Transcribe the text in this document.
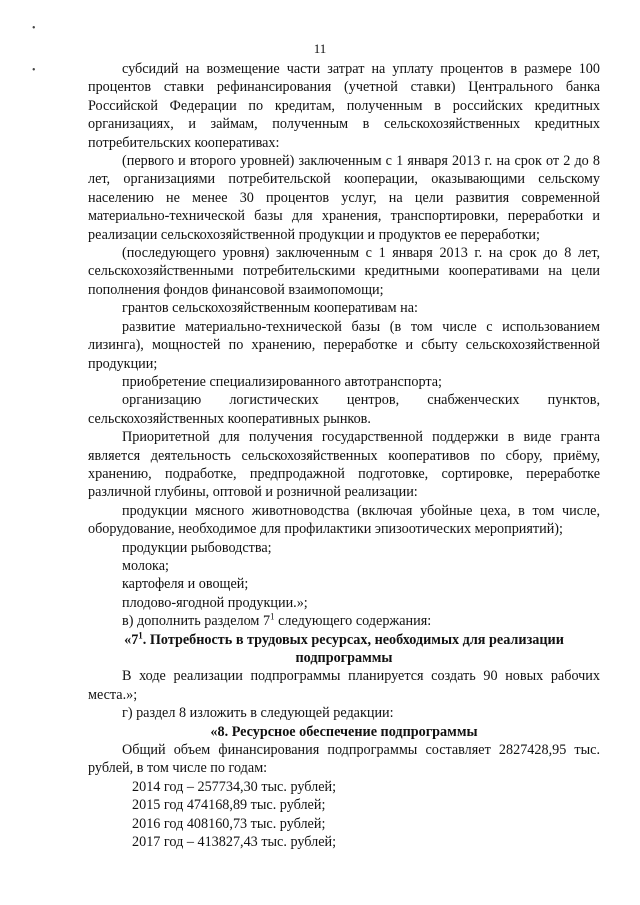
•
•
11

субсидий на возмещение части затрат на уплату процентов в размере 100 процентов ставки рефинансирования (учетной ставки) Центрального банка Российской Федерации по кредитам, полученным в российских кредитных организациях, и займам, полученным в сельскохозяйственных кредитных потребительских кооперативах:

(первого и второго уровней) заключенным с 1 января 2013 г. на срок от 2 до 8 лет, организациями потребительской кооперации, оказывающими сельскому населению не менее 30 процентов услуг, на цели развития современной материально-технической базы для хранения, транспортировки, переработки и реализации сельскохозяйственной продукции и продуктов ее переработки;

(последующего уровня) заключенным с 1 января 2013 г. на срок до 8 лет, сельскохозяйственными потребительскими кредитными кооперативами на цели пополнения фондов финансовой взаимопомощи;

грантов сельскохозяйственным кооперативам на:

развитие материально-технической базы (в том числе с использованием лизинга), мощностей по хранению, переработке и сбыту сельскохозяйственной продукции;

приобретение специализированного автотранспорта;

организацию логистических центров, снабженческих пунктов, сельскохозяйственных кооперативных рынков.

Приоритетной для получения государственной поддержки в виде гранта является деятельность сельскохозяйственных кооперативов по сбору, приёму, хранению, подработке, предпродажной подготовке, сортировке, переработке различной глубины, оптовой и розничной реализации:

продукции мясного животноводства (включая убойные цеха, в том числе, оборудование, необходимое для профилактики эпизоотических мероприятий);

продукции рыбоводства;

молока;

картофеля и овощей;

плодово-ягодной продукции.»;

в) дополнить разделом $7^1$ следующего содержания:

«$7^1$. Потребность в трудовых ресурсах, необходимых для реализации подпрограммы

В ходе реализации подпрограммы планируется создать 90 новых рабочих места.»;

г) раздел 8 изложить в следующей редакции:

«8. Ресурсное обеспечение подпрограммы

Общий объем финансирования подпрограммы составляет 2827428,95 тыс. рублей, в том числе по годам:

2014 год – 257734,30 тыс. рублей;
2015 год 474168,89 тыс. рублей;
2016 год 408160,73 тыс. рублей;
2017 год – 413827,43 тыс. рублей;
